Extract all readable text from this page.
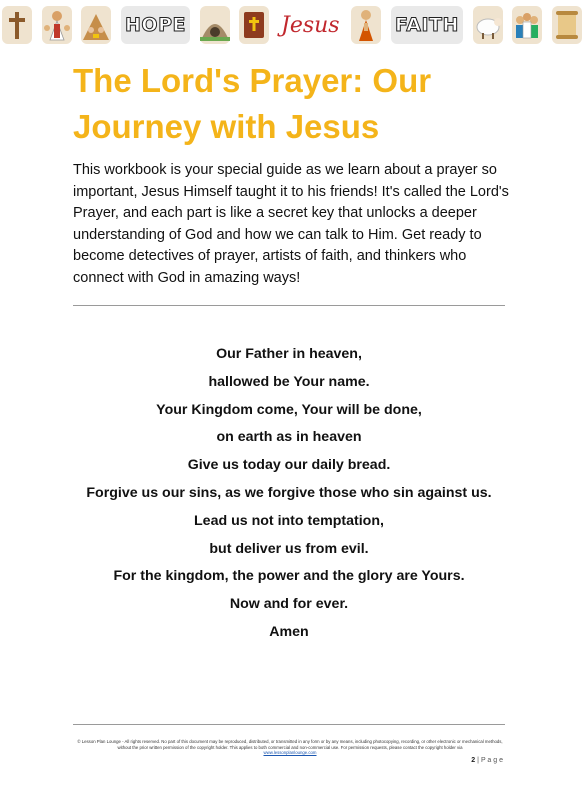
HOPE	Jesus	FAITH
The Lord's Prayer: Our Journey with Jesus

This workbook is your special guide as we learn about a prayer so important, Jesus Himself taught it to his friends! It's called the Lord's Prayer, and each part is like a secret key that unlocks a deeper understanding of God and how we can talk to Him. Get ready to become detectives of prayer, artists of faith, and thinkers who connect with God in amazing ways!

Our Father in heaven,

hallowed be Your name.

Your Kingdom come, Your will be done,

on earth as in heaven

Give us today our daily bread.

Forgive us our sins, as we forgive those who sin against us.

Lead us not into temptation,

but deliver us from evil.

For the kingdom, the power and the glory are Yours.

Now and for ever.

Amen

© Lesson Plan Lounge - All rights reserved. No part of this document may be reproduced, distributed, or transmitted in any form or by any means, including photocopying, recording, or other electronic or mechanical methods, without the prior written permission of the copyright holder. This applies to both commercial and non-commercial use. For permission requests, please contact the copyright holder via
www.lessonplanlounge.com
2 | P a g e
